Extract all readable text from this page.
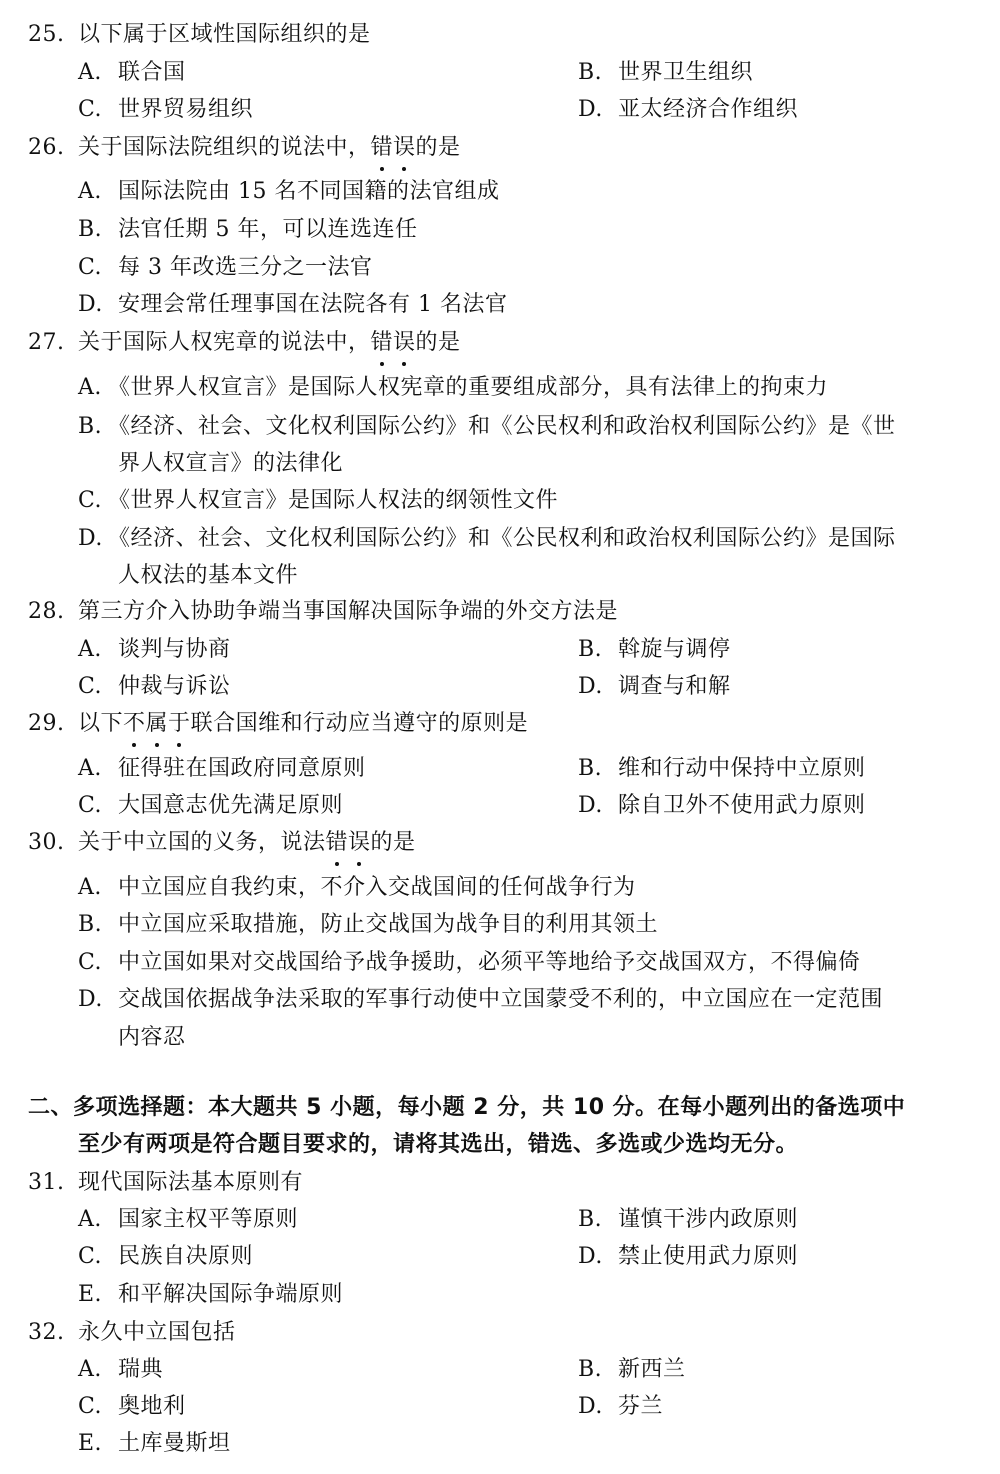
25. 以下属于区域性国际组织的是
A. 联合国	B. 世界卫生组织
C. 世界贸易组织	D. 亚太经济合作组织
26. 关于国际法院组织的说法中，错误的是
A. 国际法院由 15 名不同国籍的法官组成
B. 法官任期 5 年，可以连选连任
C. 每 3 年改选三分之一法官
D. 安理会常任理事国在法院各有 1 名法官
27. 关于国际人权宪章的说法中，错误的是
A. 《世界人权宣言》是国际人权宪章的重要组成部分，具有法律上的拘束力
B. 《经济、社会、文化权利国际公约》和《公民权利和政治权利国际公约》是《世
界人权宣言》的法律化
C. 《世界人权宣言》是国际人权法的纲领性文件
D. 《经济、社会、文化权利国际公约》和《公民权利和政治权利国际公约》是国际
人权法的基本文件
28. 第三方介入协助争端当事国解决国际争端的外交方法是
A. 谈判与协商	B. 斡旋与调停
C. 仲裁与诉讼	D. 调查与和解
29. 以下不属于联合国维和行动应当遵守的原则是
A. 征得驻在国政府同意原则	B. 维和行动中保持中立原则
C. 大国意志优先满足原则	D. 除自卫外不使用武力原则
30. 关于中立国的义务，说法错误的是
A. 中立国应自我约束，不介入交战国间的任何战争行为
B. 中立国应采取措施，防止交战国为战争目的利用其领土
C. 中立国如果对交战国给予战争援助，必须平等地给予交战国双方，不得偏倚
D. 交战国依据战争法采取的军事行动使中立国蒙受不利的，中立国应在一定范围
内容忍
二、多项选择题：本大题共 5 小题，每小题 2 分，共 10 分。在每小题列出的备选项中
至少有两项是符合题目要求的，请将其选出，错选、多选或少选均无分。
31. 现代国际法基本原则有
A. 国家主权平等原则	B. 谨慎干涉内政原则
C. 民族自决原则	D. 禁止使用武力原则
E. 和平解决国际争端原则
32. 永久中立国包括
A. 瑞典	B. 新西兰
C. 奥地利	D. 芬兰
E. 土库曼斯坦
